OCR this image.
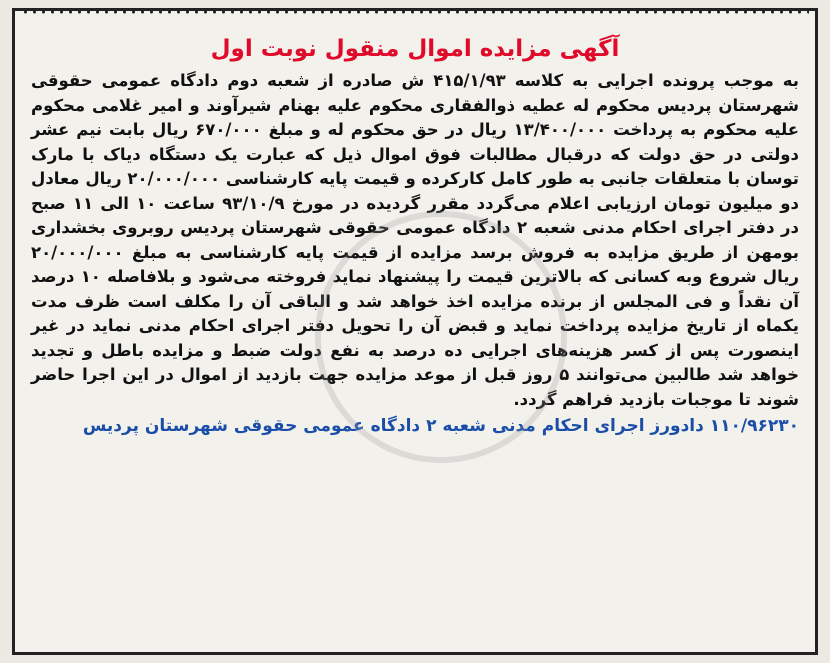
آگهی مزایده اموال منقول نوبت اول
به موجب پرونده اجرایی به کلاسه ۴۱۵/۱/۹۳ ش صادره از شعبه دوم دادگاه عمومی حقوقی شهرستان پردیس محکوم له عطیه ذوالفقاری محکوم علیه بهنام شیرآوند و امیر غلامی محکوم علیه محکوم به پرداخت ۱۳/۴۰۰/۰۰۰ ریال در حق محکوم له و مبلغ ۶۷۰/۰۰۰ ریال بابت نیم عشر دولتی در حق دولت که درقبال مطالبات فوق اموال ذیل که عبارت یک دستگاه دیاک با مارک توسان با متعلقات جانبی به طور کامل کارکرده و قیمت پایه کارشناسی ۲۰/۰۰۰/۰۰۰ ریال معادل دو میلیون تومان ارزیابی اعلام می‌گردد مقرر گردیده در مورخ ۹۳/۱۰/۹ ساعت ۱۰ الی ۱۱ صبح در دفتر اجرای احکام مدنی شعبه ۲ دادگاه عمومی حقوقی شهرستان پردیس روبروی بخشداری بومهن از طریق مزایده به فروش برسد مزایده از قیمت پایه کارشناسی به مبلغ ۲۰/۰۰۰/۰۰۰ ریال شروع وبه کسانی که بالاترین قیمت را پیشنهاد نماید فروخته می‌شود و بلافاصله ۱۰ درصد آن نقداً و فی المجلس از برنده مزایده اخذ خواهد شد و الباقی آن را مکلف است ظرف مدت یکماه از تاریخ مزایده پرداخت نماید و قبض آن را تحویل دفتر اجرای احکام مدنی نماید در غیر اینصورت پس از کسر هزینه‌های اجرایی ده درصد به نفع دولت ضبط و مزایده باطل و تجدید خواهد شد طالبین می‌توانند ۵ روز قبل از موعد مزایده جهت بازدید از اموال در این اجرا حاضر شوند تا موجبات بازدید فراهم گردد.
۱۱۰/۹۶۲۳۰ دادورز اجرای احکام مدنی شعبه ۲ دادگاه عمومی حقوقی شهرستان پردیس
